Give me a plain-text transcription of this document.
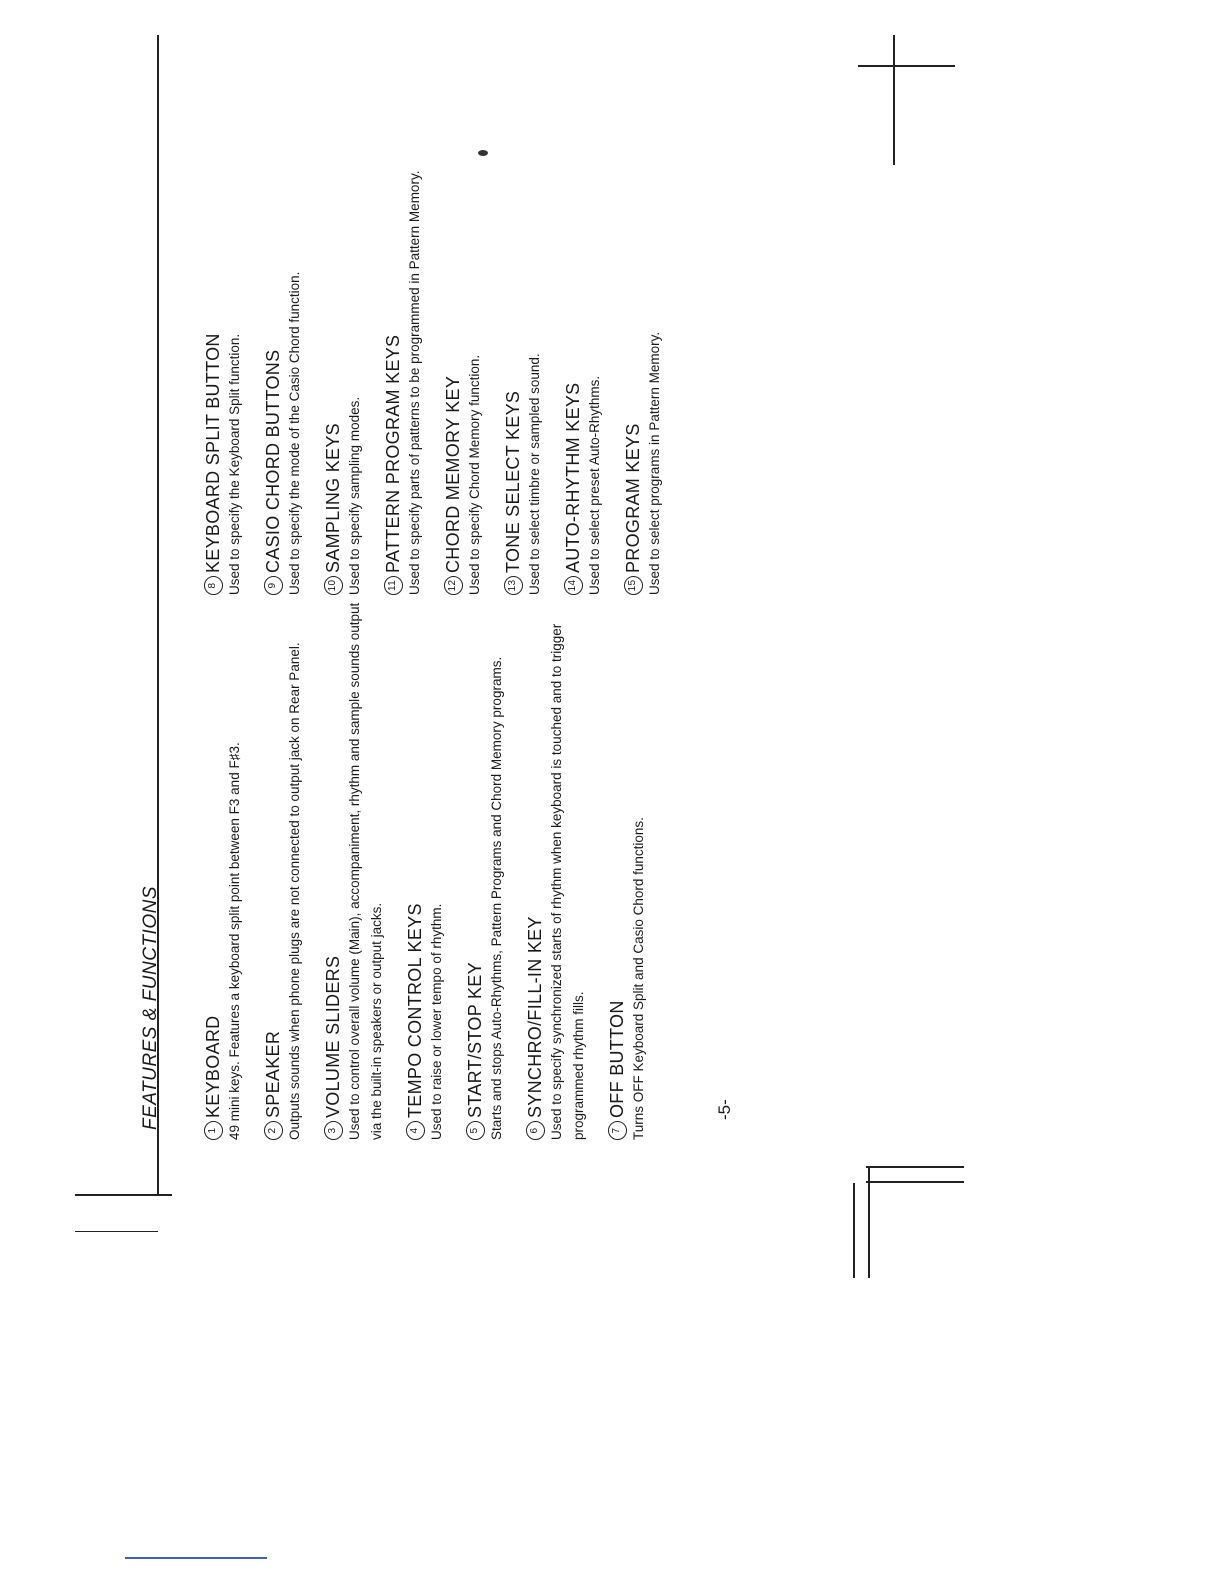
FEATURES & FUNCTIONS
1
KEYBOARD 49 mini keys. Features a keyboard split point between F3 and F♯3.	2
SPEAKER Outputs sounds when phone plugs are not connected to output jack on Rear Panel.	3
VOLUME SLIDERS Used to control overall volume (Main), accompaniment, rhythm and sample sounds output via the built-in speakers or output jacks.	4
TEMPO CONTROL KEYS Used to raise or lower tempo of rhythm.	5
START/STOP KEY Starts and stops Auto-Rhythms, Pattern Programs and Chord Memory programs.	6
SYNCHRO/FILL-IN KEY Used to specify synchronized starts of rhythm when keyboard is touched and to trigger programmed rhythm fills.	7
OFF BUTTON Turns OFF Keyboard Split and Casio Chord functions.
8
KEYBOARD SPLIT BUTTON Used to specify the Keyboard Split function.	9
CASIO CHORD BUTTONS Used to specify the mode of the Casio Chord function.	10
SAMPLING KEYS Used to specify sampling modes.	11
PATTERN PROGRAM KEYS Used to specify parts of patterns to be programmed in Pattern Memory.	12
CHORD MEMORY KEY Used to specify Chord Memory function.	13
TONE SELECT KEYS Used to select timbre or sampled sound.	14
AUTO-RHYTHM KEYS Used to select preset Auto-Rhythms.	15
PROGRAM KEYS Used to select programs in Pattern Memory.
-5-
